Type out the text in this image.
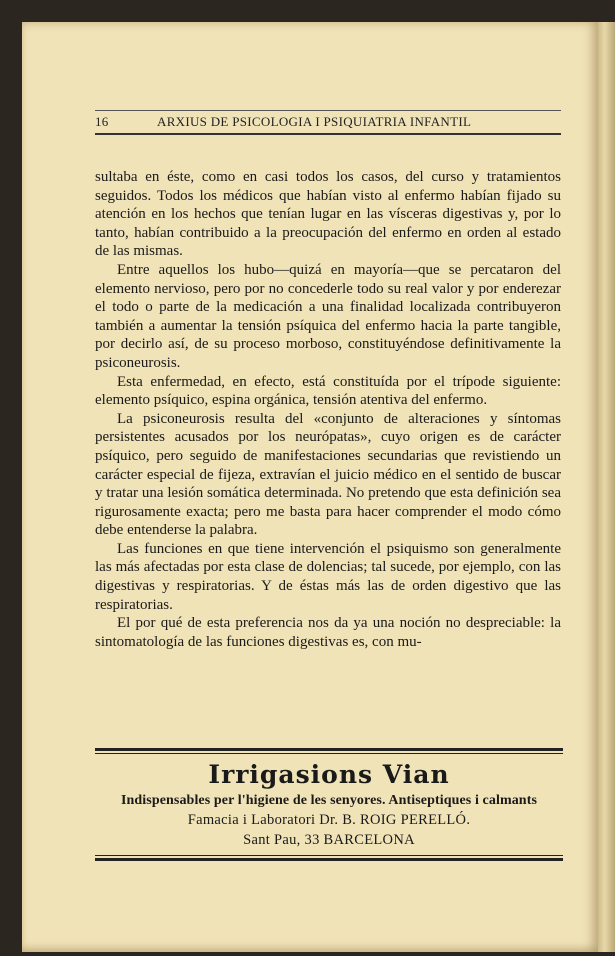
16	ARXIUS DE PSICOLOGIA I PSIQUIATRIA INFANTIL

sultaba en éste, como en casi todos los casos, del curso y tratamientos seguidos. Todos los médicos que habían visto al enfermo habían fijado su atención en los hechos que tenían lugar en las vísceras digestivas y, por lo tanto, habían contribuido a la preocupación del enfermo en orden al estado de las mismas.

Entre aquellos los hubo—quizá en mayoría—que se percataron del elemento nervioso, pero por no concederle todo su real valor y por enderezar el todo o parte de la medicación a una finalidad localizada contribuyeron también a aumentar la tensión psíquica del enfermo hacia la parte tangible, por decirlo así, de su proceso morboso, constituyéndose definitivamente la psiconeurosis.

Esta enfermedad, en efecto, está constituída por el trípode siguiente: elemento psíquico, espina orgánica, tensión atentiva del enfermo.

La psiconeurosis resulta del «conjunto de alteraciones y síntomas persistentes acusados por los neurópatas», cuyo origen es de carácter psíquico, pero seguido de manifestaciones secundarias que revistiendo un carácter especial de fijeza, extravían el juicio médico en el sentido de buscar y tratar una lesión somática determinada. No pretendo que esta definición sea rigurosamente exacta; pero me basta para hacer comprender el modo cómo debe entenderse la palabra.

Las funciones en que tiene intervención el psiquismo son generalmente las más afectadas por esta clase de dolencias; tal sucede, por ejemplo, con las digestivas y respiratorias. Y de éstas más las de orden digestivo que las respiratorias.

El por qué de esta preferencia nos da ya una noción no despreciable: la sintomatología de las funciones digestivas es, con mu-

Irrigasions Vian
Indispensables per l'higiene de les senyores. Antiseptiques i calmants
Famacia i Laboratori Dr. B. ROIG PERELLÓ.
Sant Pau, 33 BARCELONA
